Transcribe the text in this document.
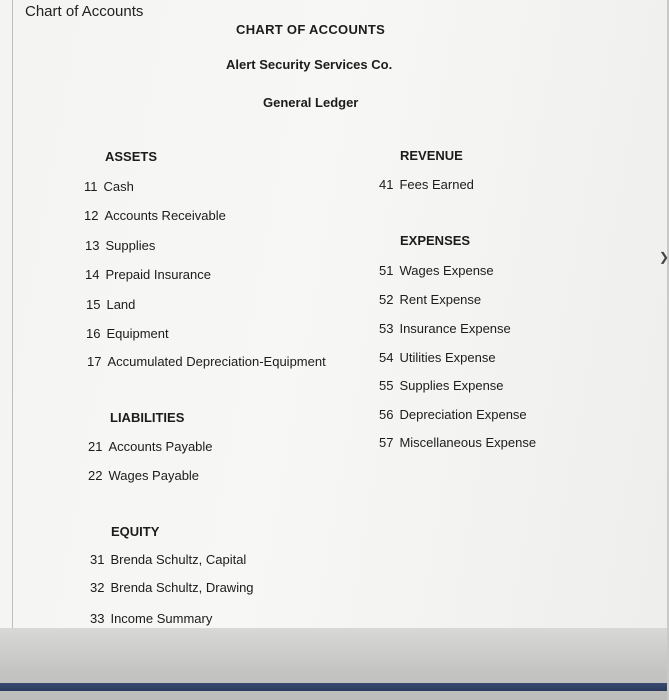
Chart of Accounts
CHART OF ACCOUNTS
Alert Security Services Co.
General Ledger
ASSETS
11 Cash
12 Accounts Receivable
13 Supplies
14 Prepaid Insurance
15 Land
16 Equipment
17 Accumulated Depreciation-Equipment
LIABILITIES
21 Accounts Payable
22 Wages Payable
EQUITY
31 Brenda Schultz, Capital
32 Brenda Schultz, Drawing
33 Income Summary
REVENUE
41 Fees Earned
EXPENSES
51 Wages Expense
52 Rent Expense
53 Insurance Expense
54 Utilities Expense
55 Supplies Expense
56 Depreciation Expense
57 Miscellaneous Expense
❯
